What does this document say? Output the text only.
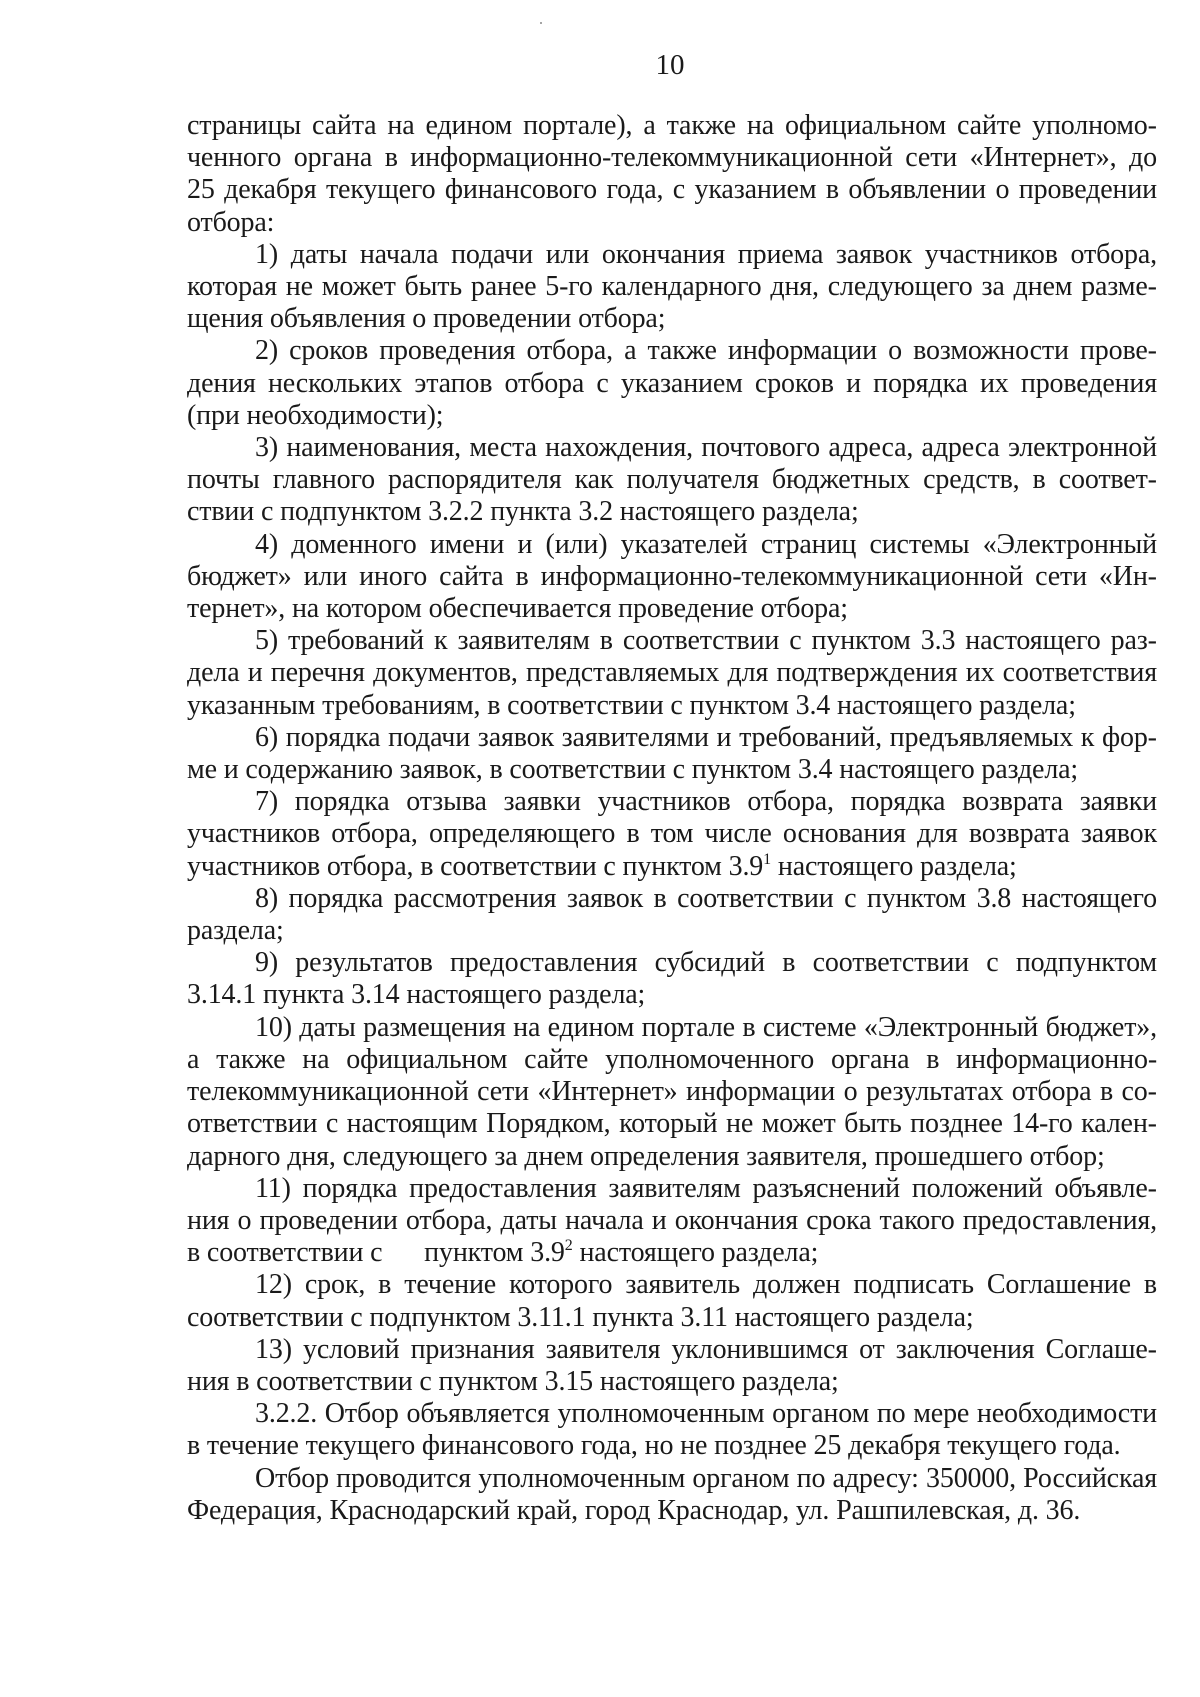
10

страницы сайта на едином портале), а также на официальном сайте уполномоченного органа в информационно-телекоммуникационной сети «Интернет», до 25 декабря текущего финансового года, с указанием в объявлении о проведении отбора:

1) даты начала подачи или окончания приема заявок участников отбора, которая не может быть ранее 5-го календарного дня, следующего за днем размещения объявления о проведении отбора;

2) сроков проведения отбора, а также информации о возможности проведения нескольких этапов отбора с указанием сроков и порядка их проведения (при необходимости);

3) наименования, места нахождения, почтового адреса, адреса электронной почты главного распорядителя как получателя бюджетных средств, в соответствии с подпунктом 3.2.2 пункта 3.2 настоящего раздела;

4) доменного имени и (или) указателей страниц системы «Электронный бюджет» или иного сайта в информационно-телекоммуникационной сети «Интернет», на котором обеспечивается проведение отбора;

5) требований к заявителям в соответствии с пунктом 3.3 настоящего раздела и перечня документов, представляемых для подтверждения их соответствия указанным требованиям, в соответствии с пунктом 3.4 настоящего раздела;

6) порядка подачи заявок заявителями и требований, предъявляемых к форме и содержанию заявок, в соответствии с пунктом 3.4 настоящего раздела;

7) порядка отзыва заявки участников отбора, порядка возврата заявки участников отбора, определяющего в том числе основания для возврата заявок участников отбора, в соответствии с пунктом $3.9^1$ настоящего раздела;

8) порядка рассмотрения заявок в соответствии с пунктом 3.8 настоящего раздела;

9) результатов предоставления субсидий в соответствии с подпунктом 3.14.1 пункта 3.14 настоящего раздела;

10) даты размещения на едином портале в системе «Электронный бюджет», а также на официальном сайте уполномоченного органа в информационно-телекоммуникационной сети «Интернет» информации о результатах отбора в соответствии с настоящим Порядком, который не может быть позднее 14-го календарного дня, следующего за днем определения заявителя, прошедшего отбор;

11) порядка предоставления заявителям разъяснений положений объявления о проведении отбора, даты начала и окончания срока такого предоставления, в соответствии с  пунктом $3.9^2$ настоящего раздела;

12) срок, в течение которого заявитель должен подписать Соглашение в соответствии с подпунктом 3.11.1 пункта 3.11 настоящего раздела;

13) условий признания заявителя уклонившимся от заключения Соглашения в соответствии с пунктом 3.15 настоящего раздела;

3.2.2. Отбор объявляется уполномоченным органом по мере необходимости в течение текущего финансового года, но не позднее 25 декабря текущего года.

Отбор проводится уполномоченным органом по адресу: 350000, Российская Федерация, Краснодарский край, город Краснодар, ул. Рашпилевская, д. 36.
